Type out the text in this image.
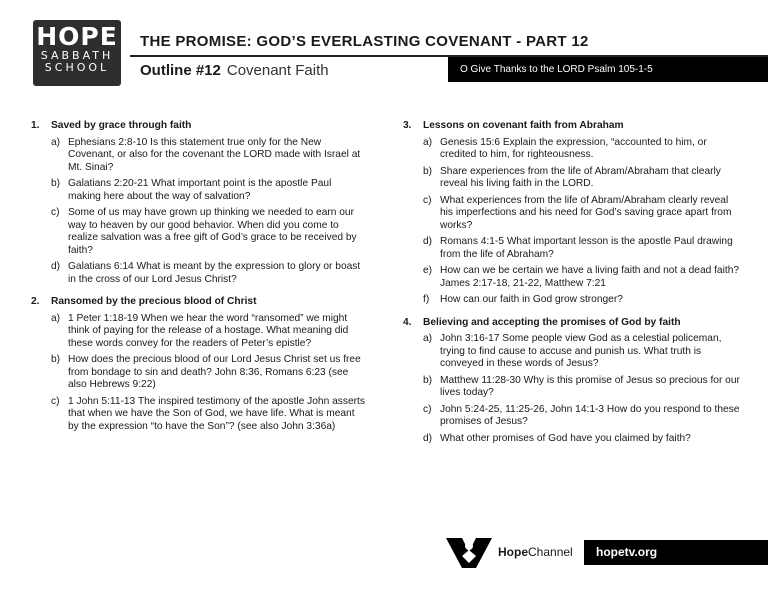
HOPE
SABBATH
SCHOOL
THE PROMISE: GOD’S EVERLASTING COVENANT - PART 12
Outline #12 Covenant Faith	O Give Thanks to the LORD Psalm 105-1-5
1.	Saved by grace through faith
a) Ephesians 2:8-10 Is this statement true only for the New Covenant, or also for the covenant the LORD made with Israel at Mt. Sinai?
b) Galatians 2:20-21 What important point is the apostle Paul making here about the way of salvation?
c) Some of us may have grown up thinking we needed to earn our way to heaven by our good behavior. When did you come to realize salvation was a free gift of God’s grace to be received by faith?
d) Galatians 6:14 What is meant by the expression to glory or boast in the cross of our Lord Jesus Christ?
2.	Ransomed by the precious blood of Christ
a) 1 Peter 1:18-19 When we hear the word “ransomed” we might think of paying for the release of a hostage. What meaning did these words convey for the readers of Peter’s epistle?
b) How does the precious blood of our Lord Jesus Christ set us free from bondage to sin and death? John 8:36, Romans 6:23 (see also Hebrews 9:22)
c) 1 John 5:11-13 The inspired testimony of the apostle John asserts that when we have the Son of God, we have life. What is meant by the expression “to have the Son”? (see also John 3:36a)
3.	Lessons on covenant faith from Abraham
a) Genesis 15:6 Explain the expression, “accounted to him, or credited to him, for righteousness.
b) Share experiences from the life of Abram/Abraham that clearly reveal his living faith in the LORD.
c) What experiences from the life of Abram/Abraham clearly reveal his imperfections and his need for God’s saving grace apart from works?
d) Romans 4:1-5 What important lesson is the apostle Paul drawing from the life of Abraham?
e) How can we be certain we have a living faith and not a dead faith? James 2:17-18, 21-22, Matthew 7:21
f)	How can our faith in God grow stronger?
4.	Believing and accepting the promises of God by faith
a) John 3:16-17 Some people view God as a celestial policeman, trying to find cause to accuse and punish us. What truth is conveyed in these words of Jesus?
b) Matthew 11:28-30 Why is this promise of Jesus so precious for our lives today?
c) John 5:24-25, 11:25-26, John 14:1-3 How do you respond to these promises of Jesus?
d) What other promises of God have you claimed by faith?
HopeChannel	hopetv.org
